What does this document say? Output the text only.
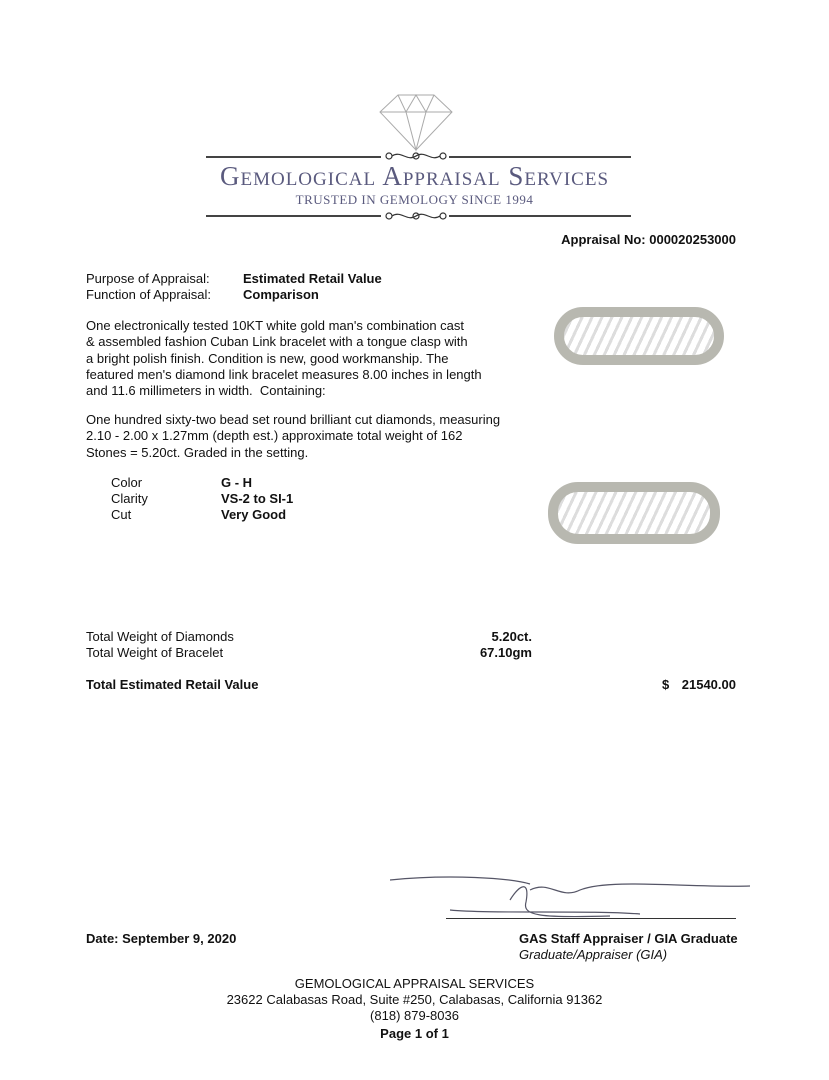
Gemological Appraisal Services
TRUSTED IN GEMOLOGY SINCE 1994
Appraisal No: 000020253000
Purpose of Appraisal:	Estimated Retail Value
Function of Appraisal: Comparison
One electronically tested 10KT white gold man's combination cast
& assembled fashion Cuban Link bracelet with a tongue clasp with
a bright polish finish. Condition is new, good workmanship. The
featured men's diamond link bracelet measures 8.00 inches in length
and 11.6 millimeters in width.  Containing:
One hundred sixty-two bead set round brilliant cut diamonds, measuring
2.10 - 2.00 x 1.27mm (depth est.) approximate total weight of 162
Stones = 5.20ct. Graded in the setting.
Color	G - H
Clarity	VS-2 to SI-1
Cut	Very Good
Total Weight of Diamonds	5.20ct.
Total Weight of Bracelet	67.10gm
Total Estimated Retail Value	$ 21540.00
Date: September 9, 2020	GAS Staff Appraiser / GIA Graduate
Graduate/Appraiser (GIA)
GEMOLOGICAL APPRAISAL SERVICES
23622 Calabasas Road, Suite #250, Calabasas, California 91362
(818) 879-8036
Page 1 of 1
